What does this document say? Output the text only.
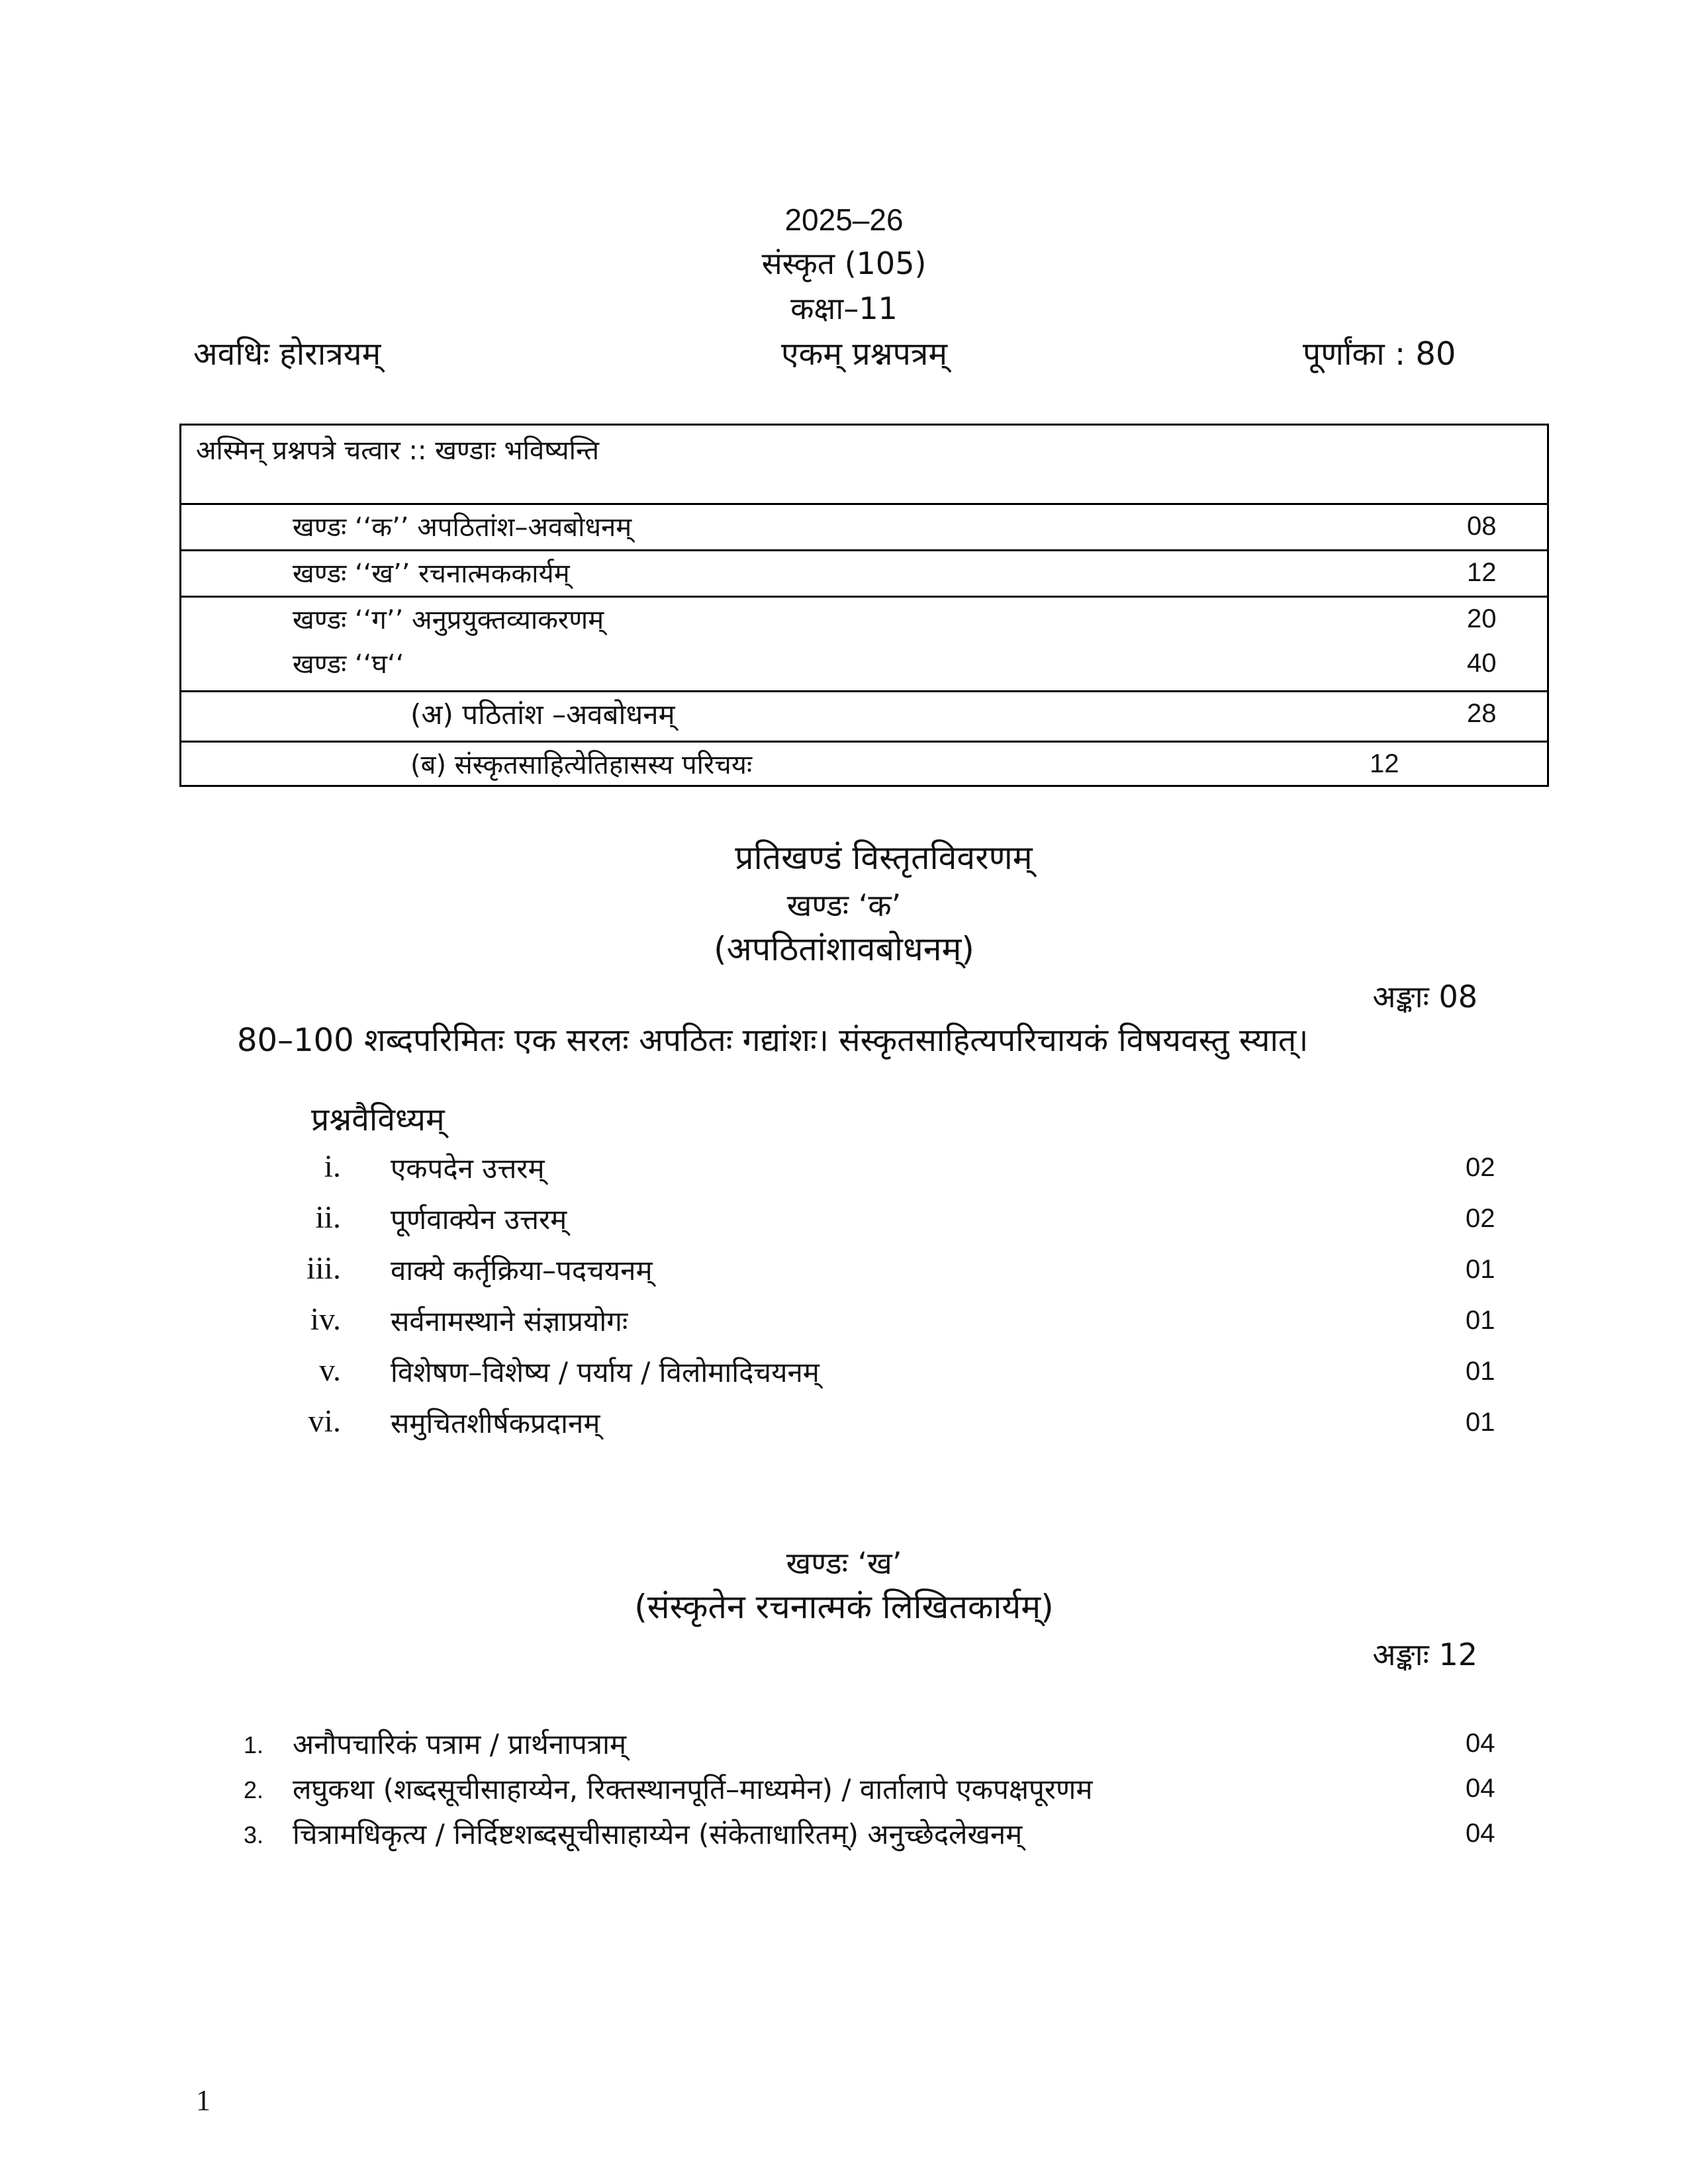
2025–26
संस्कृत (105)
कक्षा–11
अवधिः होरात्रयम्	एकम् प्रश्नपत्रम्	पूर्णांका : 80
अस्मिन् प्रश्नपत्रे चत्वार :: खण्डाः भविष्यन्ति
खण्डः ‘‘क’’ अपठितांश–अवबोधनम्	08
खण्डः ‘‘ख’’ रचनात्मककार्यम्	12
खण्डः ‘‘ग’’ अनुप्रयुक्तव्याकरणम्	20
खण्डः ‘‘घ‘‘	40
(अ) पठितांश –अवबोधनम्	28
(ब) संस्कृतसाहित्येतिहासस्य परिचयः	12
प्रतिखण्डं विस्तृतविवरणम्
खण्डः ‘क’
(अपठितांशावबोधनम्)
अङ्काः 08
80–100 शब्दपरिमितः एक सरलः अपठितः गद्यांशः। संस्कृतसाहित्यपरिचायकं विषयवस्तु स्यात्।
प्रश्नवैविध्यम्
i. एकपदेन उत्तरम्	02
ii. पूर्णवाक्येन उत्तरम्	02
iii. वाक्ये कर्तृक्रिया–पदचयनम्	01
iv. सर्वनामस्थाने संज्ञाप्रयोगः	01
v. विशेषण–विशेष्य / पर्याय / विलोमादिचयनम्	01
vi. समुचितशीर्षकप्रदानम्	01
खण्डः ‘ख’
(संस्कृतेन रचनात्मकं लिखितकार्यम्)
अङ्काः 12
1. अनौपचारिकं पत्राम / प्रार्थनापत्राम्	04
2. लघुकथा (शब्दसूचीसाहाय्येन, रिक्तस्थानपूर्ति–माध्यमेन) / वार्तालापे एकपक्षपूरणम	04
3. चित्रामधिकृत्य / निर्दिष्टशब्दसूचीसाहाय्येन (संकेताधारितम्) अनुच्छेदलेखनम्	04
1
